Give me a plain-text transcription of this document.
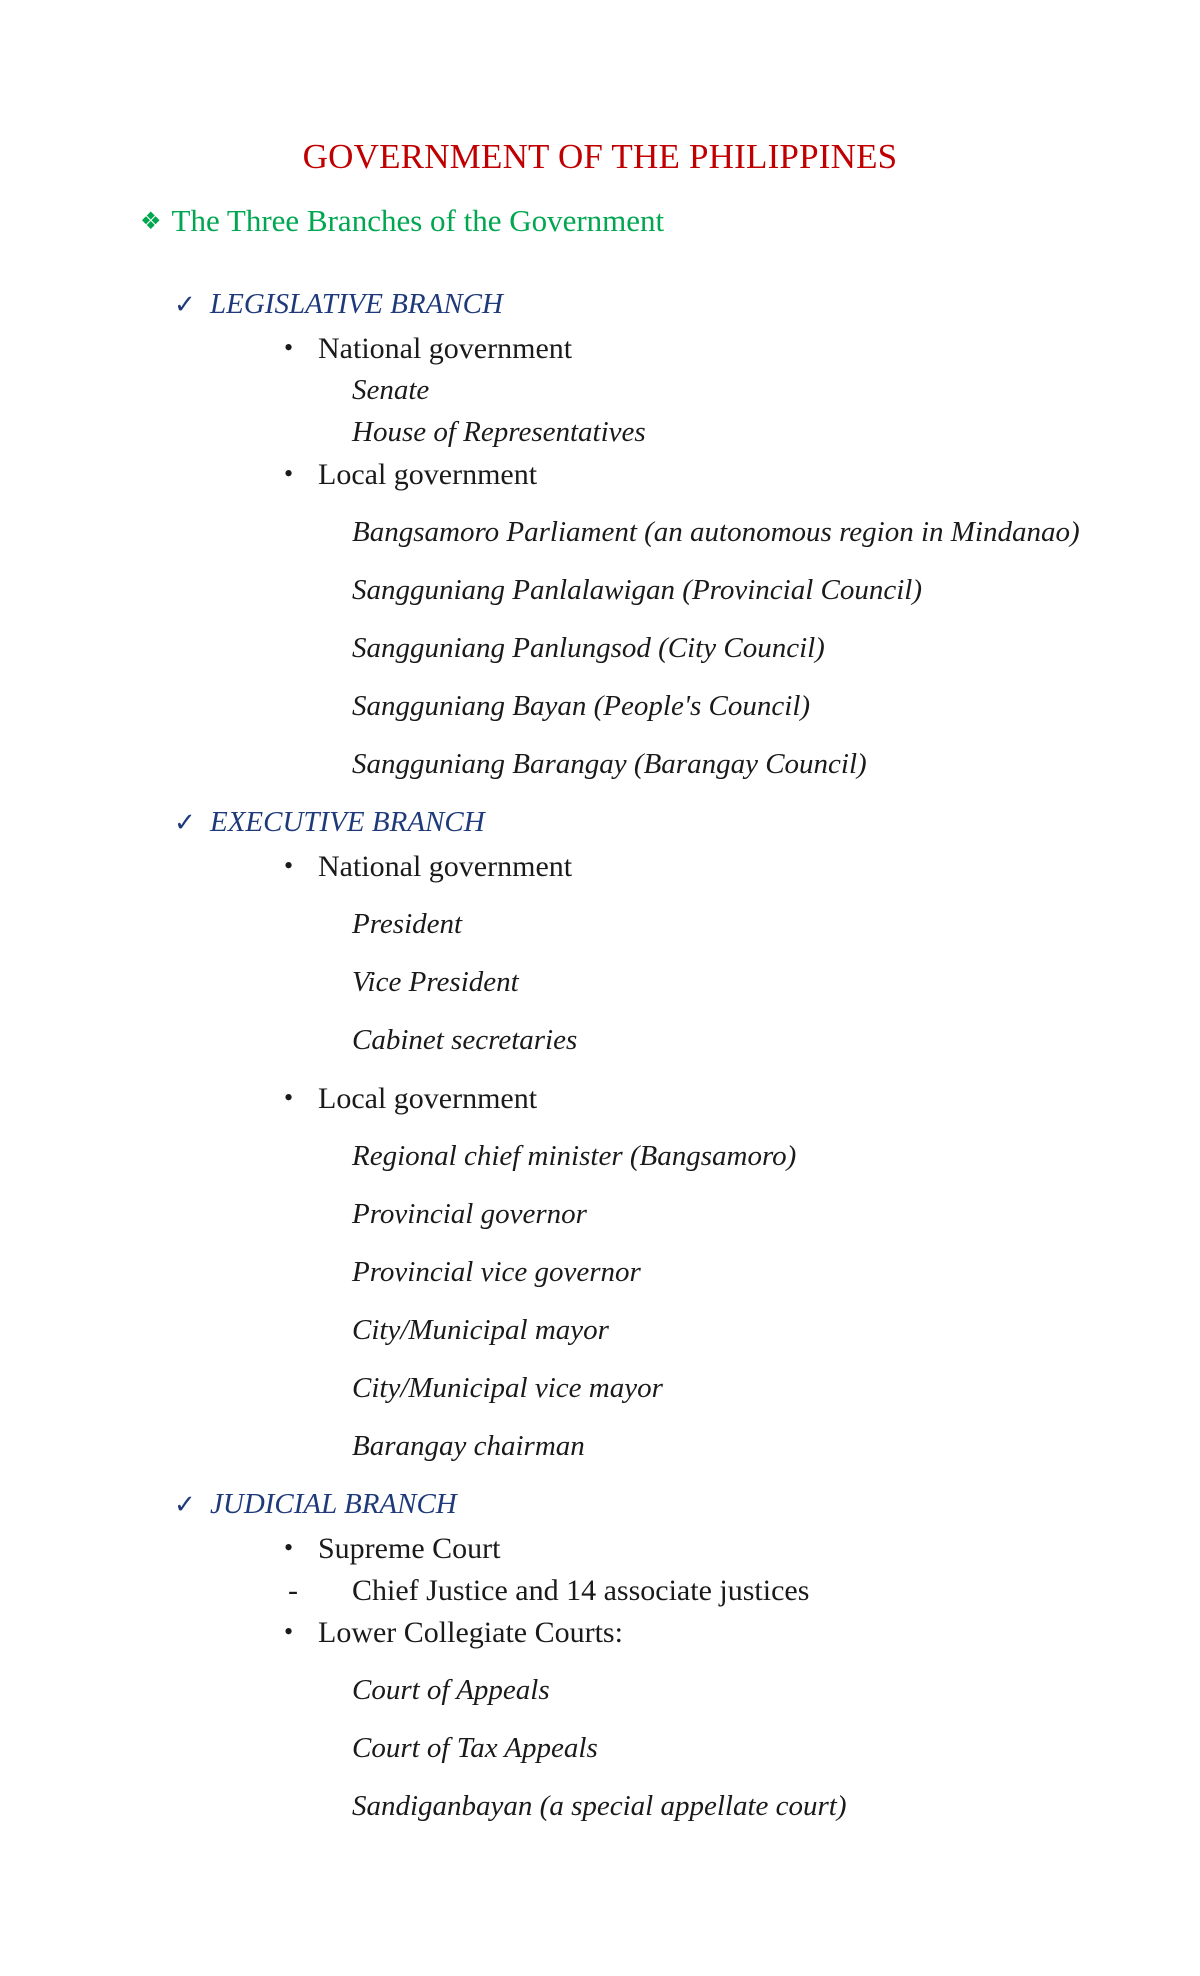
GOVERNMENT OF THE PHILIPPINES
❖ The Three Branches of the Government
✓ LEGISLATIVE BRANCH
• National government
Senate
House of Representatives
• Local government
Bangsamoro Parliament (an autonomous region in Mindanao)
Sangguniang Panlalawigan (Provincial Council)
Sangguniang Panlungsod (City Council)
Sangguniang Bayan (People's Council)
Sangguniang Barangay (Barangay Council)
✓ EXECUTIVE BRANCH
• National government
President
Vice President
Cabinet secretaries
• Local government
Regional chief minister (Bangsamoro)
Provincial governor
Provincial vice governor
City/Municipal mayor
City/Municipal vice mayor
Barangay chairman
✓ JUDICIAL BRANCH
• Supreme Court
- Chief Justice and 14 associate justices
• Lower Collegiate Courts:
Court of Appeals
Court of Tax Appeals
Sandiganbayan (a special appellate court)
